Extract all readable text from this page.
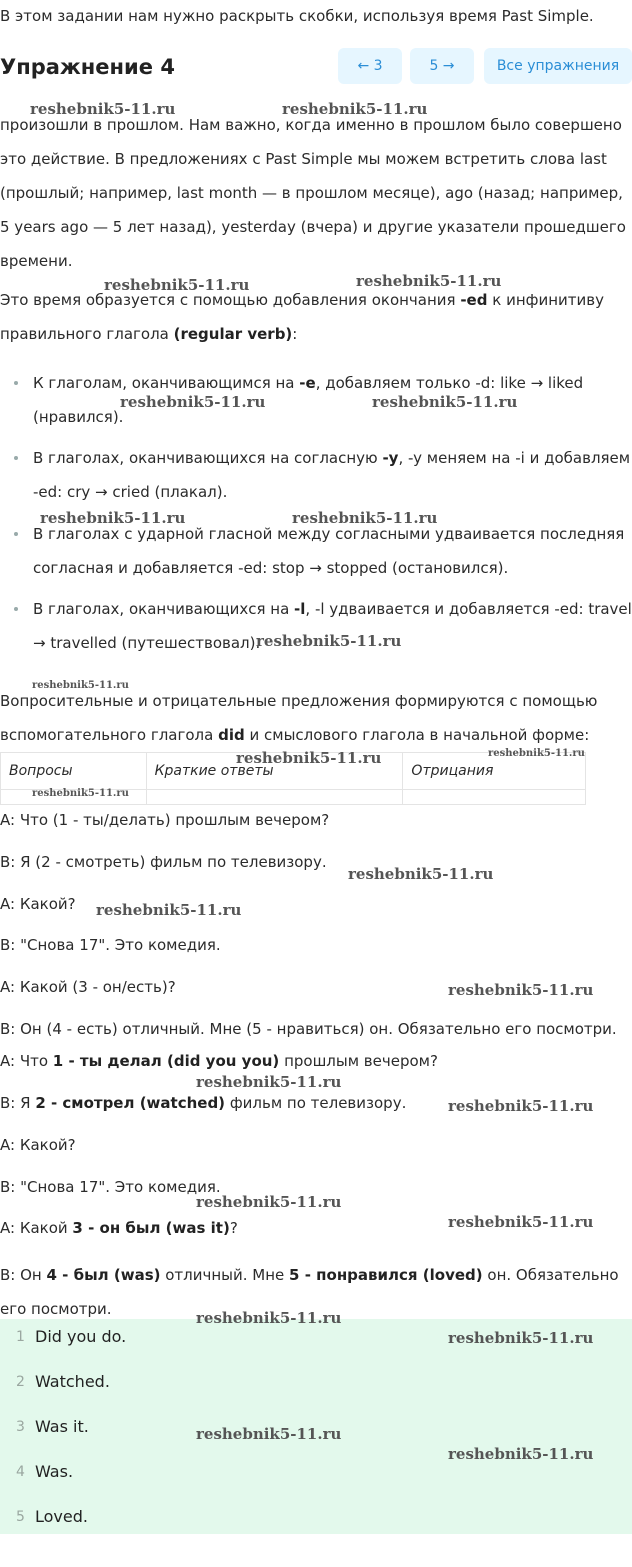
В этом задании нам нужно раскрыть скобки, используя время Past Simple.
Упражнение 4	← 3	5 →	Все упражнения

произошли в прошлом. Нам важно, когда именно в прошлом было совершено это действие. В предложениях с Past Simple мы можем встретить слова last (прошлый; например, last month — в прошлом месяце), ago (назад; например, 5 years ago — 5 лет назад), yesterday (вчера) и другие указатели прошедшего времени.

Это время образуется с помощью добавления окончания -ed к инфинитиву правильного глагола (regular verb):

К глаголам, оканчивающимся на -e, добавляем только -d: like → liked (нравился).
В глаголах, оканчивающихся на согласную -y, -y меняем на -i и добавляем -ed: cry → cried (плакал).
В глаголах с ударной гласной между согласными удваивается последняя согласная и добавляется -ed: stop → stopped (остановился).
В глаголах, оканчивающихся на -l, -l удваивается и добавляется -ed: travel → travelled (путешествовал).

Вопросительные и отрицательные предложения формируются с помощью вспомогательного глагола did и смыслового глагола в начальной форме:

Вопросы	Краткие ответы	Отрицания

A: Что (1 - ты/делать) прошлым вечером?
B: Я (2 - смотреть) фильм по телевизору.
A: Какой?
B: "Снова 17". Это комедия.
A: Какой (3 - он/есть)?
B: Он (4 - есть) отличный. Мне (5 - нравиться) он. Обязательно его посмотри.
A: Что 1 - ты делал (did you you) прошлым вечером?
B: Я 2 - смотрел (watched) фильм по телевизору.
A: Какой?
B: "Снова 17". Это комедия.
A: Какой 3 - он был (was it)?
B: Он 4 - был (was) отличный. Мне 5 - понравился (loved) он. Обязательно его посмотри.
1 Did you do.
2 Watched.
3 Was it.
4 Was.
5 Loved.
reshebnik5-11.ru	reshebnik5-11.ru
reshebnik5-11.ru	reshebnik5-11.ru
reshebnik5-11.ru	reshebnik5-11.ru
reshebnik5-11.ru	reshebnik5-11.ru
reshebnik5-11.ru
reshebnik5-11.ru
reshebnik5-11.ru	reshebnik5-11.ru
reshebnik5-11.ru
reshebnik5-11.ru
reshebnik5-11.ru
reshebnik5-11.ru
reshebnik5-11.ru
reshebnik5-11.ru
reshebnik5-11.ru
reshebnik5-11.ru
reshebnik5-11.ru
reshebnik5-11.ru
reshebnik5-11.ru
reshebnik5-11.ru
